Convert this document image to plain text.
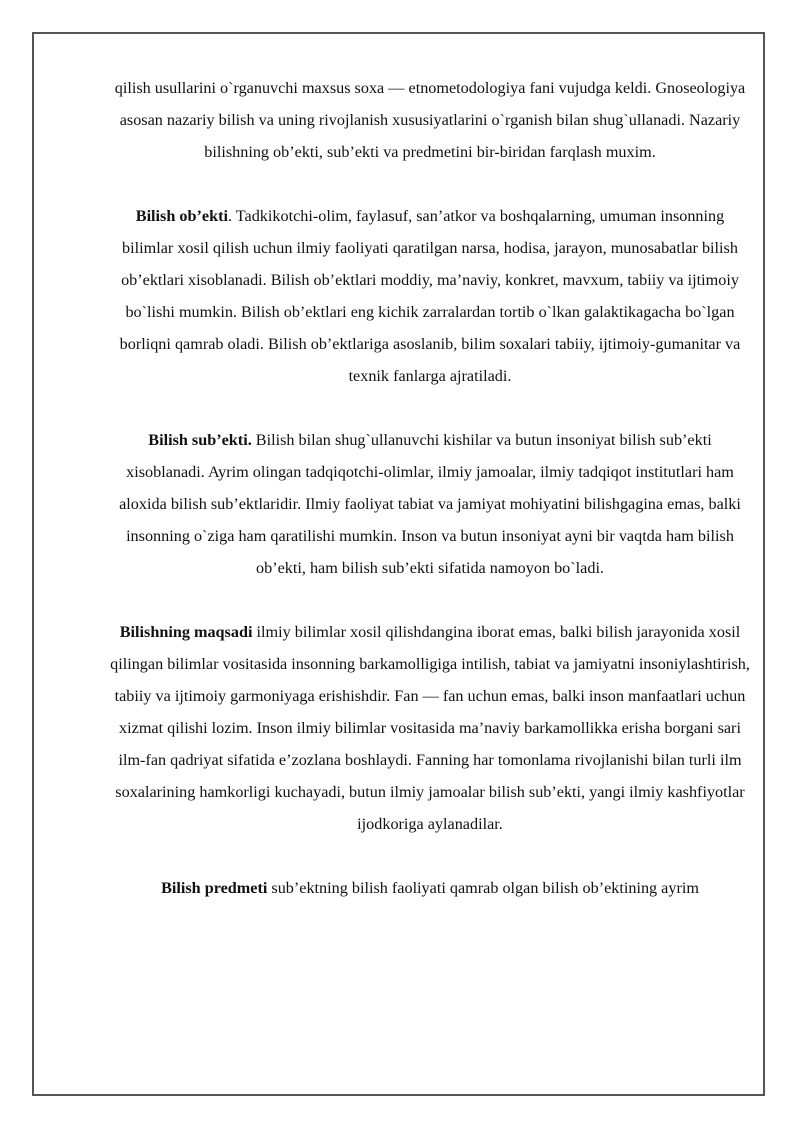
qilish usullarini o`rganuvchi maxsus soxa — etnometodologiya fani vujudga keldi. Gnoseologiya asosan nazariy bilish va uning rivojlanish xususiyatlarini o`rganish bilan shug`ullanadi. Nazariy bilishning ob’ekti, sub’ekti va predmetini bir-biridan farqlash muxim.

Bilish ob’ekti. Tadkikotchi-olim, faylasuf, san’atkor va boshqalarning, umuman insonning bilimlar xosil qilish uchun ilmiy faoliyati qaratilgan narsa, hodisa, jarayon, munosabatlar bilish ob’ektlari xisoblanadi. Bilish ob’ektlari moddiy, ma’naviy, konkret, mavxum, tabiiy va ijtimoiy bo`lishi mumkin. Bilish ob’ektlari eng kichik zarralardan tortib o`lkan galaktikagacha bo`lgan borliqni qamrab oladi. Bilish ob’ektlariga asoslanib, bilim soxalari tabiiy, ijtimoiy-gumanitar va texnik fanlarga ajratiladi.

Bilish sub’ekti. Bilish bilan shug`ullanuvchi kishilar va butun insoniyat bilish sub’ekti xisoblanadi. Ayrim olingan tadqiqotchi-olimlar, ilmiy jamoalar, ilmiy tadqiqot institutlari ham aloxida bilish sub’ektlaridir. Ilmiy faoliyat tabiat va jamiyat mohiyatini bilishgagina emas, balki insonning o`ziga ham qaratilishi mumkin. Inson va butun insoniyat ayni bir vaqtda ham bilish ob’ekti, ham bilish sub’ekti sifatida namoyon bo`ladi.

Bilishning maqsadi ilmiy bilimlar xosil qilishdangina iborat emas, balki bilish jarayonida xosil qilingan bilimlar vositasida insonning barkamolligiga intilish, tabiat va jamiyatni insoniylashtirish, tabiiy va ijtimoiy garmoniyaga erishishdir. Fan — fan uchun emas, balki inson manfaatlari uchun xizmat qilishi lozim. Inson ilmiy bilimlar vositasida ma’naviy barkamollikka erisha borgani sari ilm-fan qadriyat sifatida e’zozlana boshlaydi. Fanning har tomonlama rivojlanishi bilan turli ilm soxalarining hamkorligi kuchayadi, butun ilmiy jamoalar bilish sub’ekti, yangi ilmiy kashfiyotlar ijodkoriga aylanadilar.

Bilish predmeti sub’ektning bilish faoliyati qamrab olgan bilish ob’ektining ayrim
